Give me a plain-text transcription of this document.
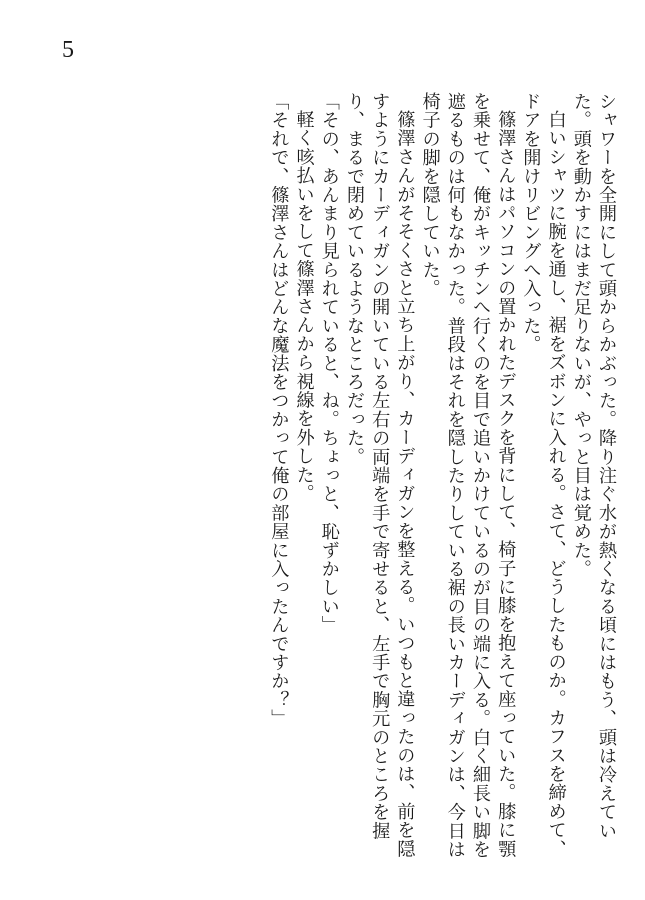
5

シャワーを全開にして頭からかぶった。降り注ぐ水が熱くなる頃にはもう、頭は冷えていた。頭を動かすにはまだ足りないが、やっと目は覚めた。

白いシャツに腕を通し、裾をズボンに入れる。さて、どうしたものか。カフスを締めて、ドアを開けリビングへ入った。

篠澤さんはパソコンの置かれたデスクを背にして、椅子に膝を抱えて座っていた。膝に顎を乗せて、俺がキッチンへ行くのを目で追いかけているのが目の端に入る。白く細長い脚を遮るものは何もなかった。普段はそれを隠したりしている裾の長いカーディガンは、今日は椅子の脚を隠していた。

篠澤さんがそそくさと立ち上がり、カーディガンを整える。いつもと違ったのは、前を隠すようにカーディガンの開いている左右の両端を手で寄せると、左手で胸元のところを握り、まるで閉めているようなところだった。

「その、あんまり見られていると、ね。ちょっと、恥ずかしい」

軽く咳払いをして篠澤さんから視線を外した。

「それで、篠澤さんはどんな魔法をつかって俺の部屋に入ったんですか？」
